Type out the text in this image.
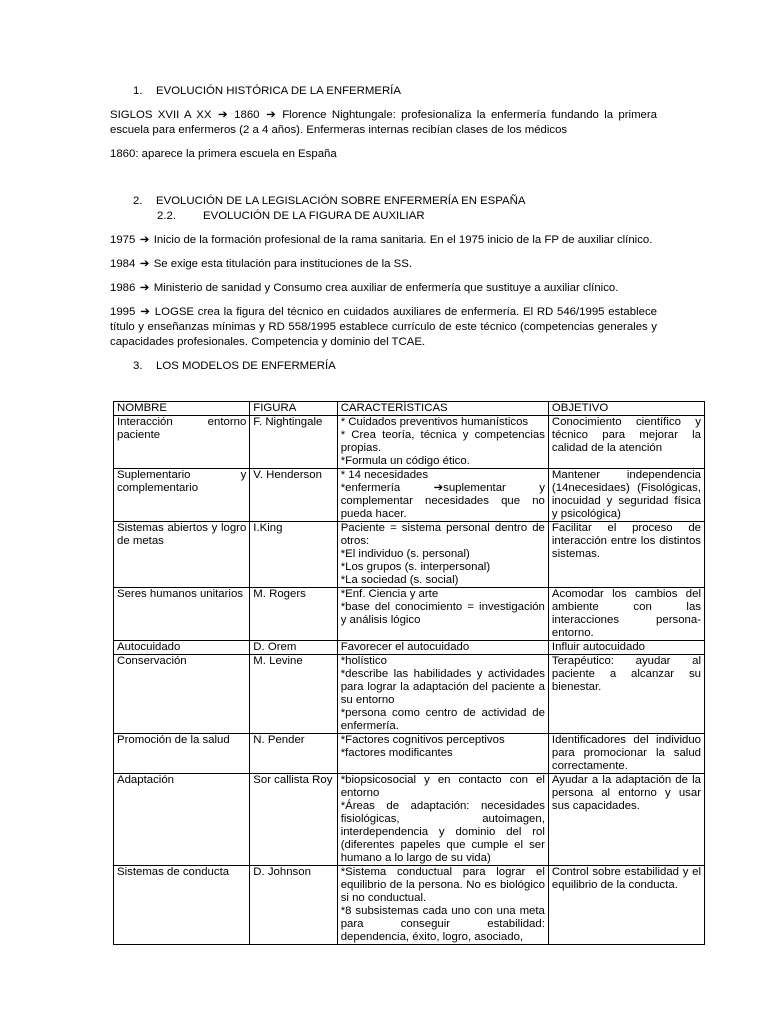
1. EVOLUCIÓN HISTÓRICA DE LA ENFERMERÍA

SIGLOS XVII A XX ➔ 1860 ➔ Florence Nightungale: profesionaliza la enfermería fundando la primera escuela para enfermeros (2 a 4 años). Enfermeras internas recibían clases de los médicos

1860: aparece la primera escuela en España

2. EVOLUCIÓN DE LA LEGISLACIÓN SOBRE ENFERMERÍA EN ESPAÑA
2.2. EVOLUCIÓN DE LA FIGURA DE AUXILIAR

1975 ➔ Inicio de la formación profesional de la rama sanitaria. En el 1975 inicio de la FP de auxiliar clínico.

1984 ➔ Se exige esta titulación para instituciones de la SS.

1986 ➔ Ministerio de sanidad y Consumo crea auxiliar de enfermería que sustituye a auxiliar clínico.

1995 ➔ LOGSE crea la figura del técnico en cuidados auxiliares de enfermería. El RD 546/1995 establece título y enseñanzas mínimas y RD 558/1995 establece currículo de este técnico (competencias generales y capacidades profesionales. Competencia y dominio del TCAE.

3. LOS MODELOS DE ENFERMERÍA
NOMBRE	FIGURA	CARACTERÍSTICAS	OBJETIVO
Interacción entorno paciente	F. Nightingale	* Cuidados preventivos humanísticos
* Crea teoría, técnica y competencias propias.
*Formula un código ético.	Conocimiento científico y técnico para mejorar la calidad de la atención
Suplementario y complementario	V. Henderson	* 14 necesidades
*enfermería ➔suplementar y complementar necesidades que no pueda hacer.	Mantener independencia (14necesidaes) (Fisológicas, inocuidad y seguridad física y psicológica)
Sistemas abiertos y logro de metas	I.King	Paciente = sistema personal dentro de otros:
*El individuo (s. personal)
*Los grupos (s. interpersonal)
*La sociedad (s. social)	Facilitar el proceso de interacción entre los distintos sistemas.
Seres humanos unitarios	M. Rogers	*Enf. Ciencia y arte
*base del conocimiento = investigación y análisis lógico	Acomodar los cambios del ambiente con las interacciones persona-entorno.
Autocuidado	D. Orem	Favorecer el autocuidado	Influir autocuidado
Conservación	M. Levine	*holístico
*describe las habilidades y actividades para lograr la adaptación del paciente a su entorno
*persona como centro de actividad de enfermería.	Terapéutico: ayudar al paciente a alcanzar su bienestar.
Promoción de la salud	N. Pender	*Factores cognitivos perceptivos
*factores modificantes	Identificadores del individuo para promocionar la salud correctamente.
Adaptación	Sor callista Roy	*biopsicosocial y en contacto con el entorno
*Áreas de adaptación: necesidades fisiológicas, autoimagen, interdependencia y dominio del rol (diferentes papeles que cumple el ser humano a lo largo de su vida)	Ayudar a la adaptación de la persona al entorno y usar sus capacidades.
Sistemas de conducta	D. Johnson	*Sistema conductual para lograr el equilibrio de la persona. No es biológico si no conductual.
*8 subsistemas cada uno con una meta para conseguir estabilidad: dependencia, éxito, logro, asociado,	Control sobre estabilidad y el equilibrio de la conducta.
